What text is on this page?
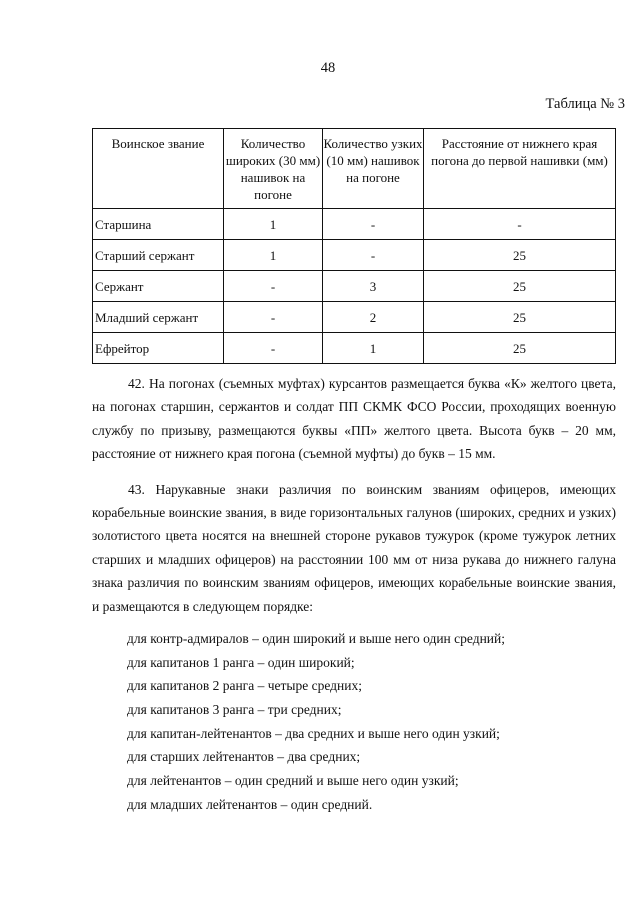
48
Таблица № 3
Воинское звание	Количество широких (30 мм) нашивок на погоне	Количество узких (10 мм) нашивок на погоне	Расстояние от нижнего края погона до первой нашивки (мм)
Старшина	1	-	-
Старший сержант	1	-	25
Сержант	-	3	25
Младший сержант	-	2	25
Ефрейтор	-	1	25

42. На погонах (съемных муфтах) курсантов размещается буква «К» желтого цвета, на погонах старшин, сержантов и солдат ПП СКМК ФСО России, проходящих военную службу по призыву, размещаются буквы «ПП» желтого цвета. Высота букв – 20 мм, расстояние от нижнего края погона (съемной муфты) до букв – 15 мм.

43. Нарукавные знаки различия по воинским званиям офицеров, имеющих корабельные воинские звания, в виде горизонтальных галунов (широких, средних и узких) золотистого цвета носятся на внешней стороне рукавов тужурок (кроме тужурок летних старших и младших офицеров) на расстоянии 100 мм от низа рукава до нижнего галуна знака различия по воинским званиям офицеров, имеющих корабельные воинские звания, и размещаются в следующем порядке:

для контр-адмиралов – один широкий и выше него один средний;
для капитанов 1 ранга – один широкий;
для капитанов 2 ранга – четыре средних;
для капитанов 3 ранга – три средних;
для капитан-лейтенантов – два средних и выше него один узкий;
для старших лейтенантов – два средних;
для лейтенантов – один средний и выше него один узкий;
для младших лейтенантов – один средний.
